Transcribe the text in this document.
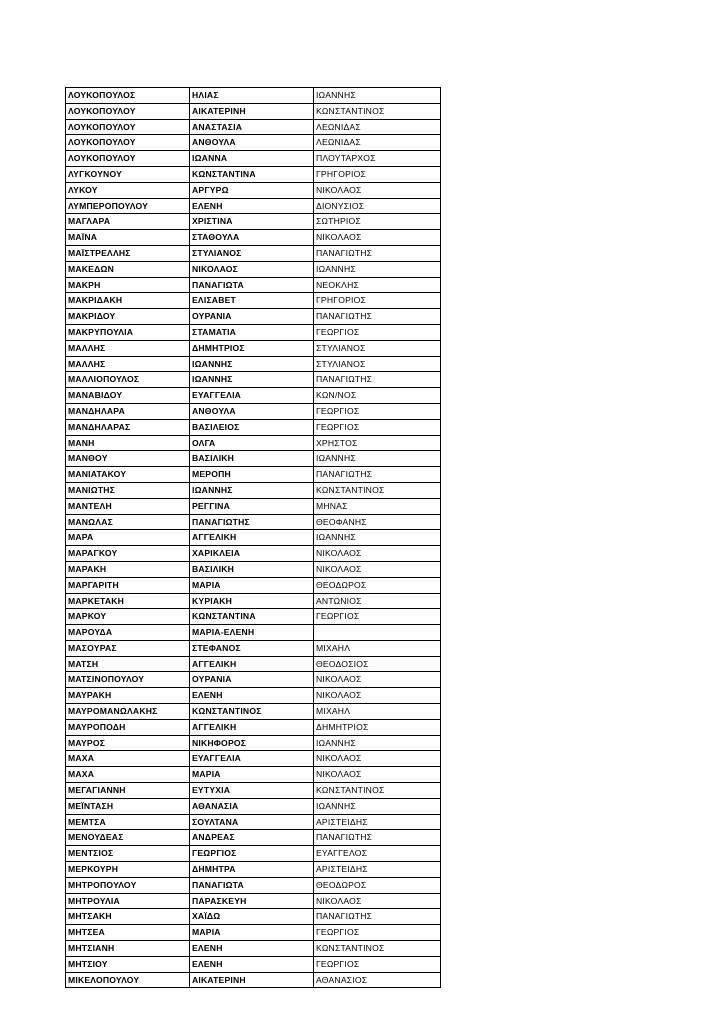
ΛΟΥΚΟΠΟΥΛΟΣ	ΗΛΙΑΣ	ΙΩΑΝΝΗΣ
ΛΟΥΚΟΠΟΥΛΟΥ	ΑΙΚΑΤΕΡΙΝΗ	ΚΩΝΣΤΑΝΤΙΝΟΣ
ΛΟΥΚΟΠΟΥΛΟΥ	ΑΝΑΣΤΑΣΙΑ	ΛΕΩΝΙΔΑΣ
ΛΟΥΚΟΠΟΥΛΟΥ	ΑΝΘΟΥΛΑ	ΛΕΩΝΙΔΑΣ
ΛΟΥΚΟΠΟΥΛΟΥ	ΙΩΑΝΝΑ	ΠΛΟΥΤΑΡΧΟΣ
ΛΥΓΚΟΥΝΟΥ	ΚΩΝΣΤΑΝΤΙΝΑ	ΓΡΗΓΟΡΙΟΣ
ΛΥΚΟΥ	ΑΡΓΥΡΩ	ΝΙΚΟΛΑΟΣ
ΛΥΜΠΕΡΟΠΟΥΛΟΥ	ΕΛΕΝΗ	ΔΙΟΝΥΣΙΟΣ
ΜΑΓΛΑΡΑ	ΧΡΙΣΤΙΝΑ	ΣΩΤΗΡΙΟΣ
ΜΑΪΝΑ	ΣΤΑΘΟΥΛΑ	ΝΙΚΟΛΑΟΣ
ΜΑΪΣΤΡΕΛΛΗΣ	ΣΤΥΛΙΑΝΟΣ	ΠΑΝΑΓΙΩΤΗΣ
ΜΑΚΕΔΩΝ	ΝΙΚΟΛΑΟΣ	ΙΩΑΝΝΗΣ
ΜΑΚΡΗ	ΠΑΝΑΓΙΩΤΑ	ΝΕΟΚΛΗΣ
ΜΑΚΡΙΔΑΚΗ	ΕΛΙΣΑΒΕΤ	ΓΡΗΓΟΡΙΟΣ
ΜΑΚΡΙΔΟΥ	ΟΥΡΑΝΙΑ	ΠΑΝΑΓΙΩΤΗΣ
ΜΑΚΡΥΠΟΥΛΙΑ	ΣΤΑΜΑΤΙΑ	ΓΕΩΡΓΙΟΣ
ΜΑΛΛΗΣ	ΔΗΜΗΤΡΙΟΣ	ΣΤΥΛΙΑΝΟΣ
ΜΑΛΛΗΣ	ΙΩΑΝΝΗΣ	ΣΤΥΛΙΑΝΟΣ
ΜΑΛΛΙΟΠΟΥΛΟΣ	ΙΩΑΝΝΗΣ	ΠΑΝΑΓΙΩΤΗΣ
ΜΑΝΑΒΙΔΟΥ	ΕΥΑΓΓΕΛΙΑ	ΚΩΝ/ΝΟΣ
ΜΑΝΔΗΛΑΡΑ	ΑΝΘΟΥΛΑ	ΓΕΩΡΓΙΟΣ
ΜΑΝΔΗΛΑΡΑΣ	ΒΑΣΙΛΕΙΟΣ	ΓΕΩΡΓΙΟΣ
ΜΑΝΗ	ΟΛΓΑ	ΧΡΗΣΤΟΣ
ΜΑΝΘΟΥ	ΒΑΣΙΛΙΚΗ	ΙΩΑΝΝΗΣ
ΜΑΝΙΑΤΑΚΟΥ	ΜΕΡΟΠΗ	ΠΑΝΑΓΙΩΤΗΣ
ΜΑΝΙΩΤΗΣ	ΙΩΑΝΝΗΣ	ΚΩΝΣΤΑΝΤΙΝΟΣ
ΜΑΝΤΕΛΗ	ΡΕΓΓΙΝΑ	ΜΗΝΑΣ
ΜΑΝΩΛΑΣ	ΠΑΝΑΓΙΩΤΗΣ	ΘΕΟΦΑΝΗΣ
ΜΑΡΑ	ΑΓΓΕΛΙΚΗ	ΙΩΑΝΝΗΣ
ΜΑΡΑΓΚΟΥ	ΧΑΡΙΚΛΕΙΑ	ΝΙΚΟΛΑΟΣ
ΜΑΡΑΚΗ	ΒΑΣΙΛΙΚΗ	ΝΙΚΟΛΑΟΣ
ΜΑΡΓΑΡΙΤΗ	ΜΑΡΙΑ	ΘΕΟΔΩΡΟΣ
ΜΑΡΚΕΤΑΚΗ	ΚΥΡΙΑΚΗ	ΑΝΤΩΝΙΟΣ
ΜΑΡΚΟΥ	ΚΩΝΣΤΑΝΤΙΝΑ	ΓΕΩΡΓΙΟΣ
ΜΑΡΟΥΔΑ	ΜΑΡΙΑ-ΕΛΕΝΗ	
ΜΑΣΟΥΡΑΣ	ΣΤΕΦΑΝΟΣ	ΜΙΧΑΗΛ
ΜΑΤΣΗ	ΑΓΓΕΛΙΚΗ	ΘΕΟΔΟΣΙΟΣ
ΜΑΤΣΙΝΟΠΟΥΛΟΥ	ΟΥΡΑΝΙΑ	ΝΙΚΟΛΑΟΣ
ΜΑΥΡΑΚΗ	ΕΛΕΝΗ	ΝΙΚΟΛΑΟΣ
ΜΑΥΡΟΜΑΝΩΛΑΚΗΣ	ΚΩΝΣΤΑΝΤΙΝΟΣ	ΜΙΧΑΗΛ
ΜΑΥΡΟΠΟΔΗ	ΑΓΓΕΛΙΚΗ	ΔΗΜΗΤΡΙΟΣ
ΜΑΥΡΟΣ	ΝΙΚΗΦΟΡΟΣ	ΙΩΑΝΝΗΣ
ΜΑΧΑ	ΕΥΑΓΓΕΛΙΑ	ΝΙΚΟΛΑΟΣ
ΜΑΧΑ	ΜΑΡΙΑ	ΝΙΚΟΛΑΟΣ
ΜΕΓΑΓΙΑΝΝΗ	ΕΥΤΥΧΙΑ	ΚΩΝΣΤΑΝΤΙΝΟΣ
ΜΕΪΝΤΑΣΗ	ΑΘΑΝΑΣΙΑ	ΙΩΑΝΝΗΣ
ΜΕΜΤΣΑ	ΣΟΥΛΤΑΝΑ	ΑΡΙΣΤΕΙΔΗΣ
ΜΕΝΟΥΔΕΑΣ	ΑΝΔΡΕΑΣ	ΠΑΝΑΓΙΩΤΗΣ
ΜΕΝΤΣΙΟΣ	ΓΕΩΡΓΙΟΣ	ΕΥΑΓΓΕΛΟΣ
ΜΕΡΚΟΥΡΗ	ΔΗΜΗΤΡΑ	ΑΡΙΣΤΕΙΔΗΣ
ΜΗΤΡΟΠΟΥΛΟΥ	ΠΑΝΑΓΙΩΤΑ	ΘΕΟΔΩΡΟΣ
ΜΗΤΡΟΥΛΙΑ	ΠΑΡΑΣΚΕΥΗ	ΝΙΚΟΛΑΟΣ
ΜΗΤΣΑΚΗ	ΧΑΪΔΩ	ΠΑΝΑΓΙΩΤΗΣ
ΜΗΤΣΕΑ	ΜΑΡΙΑ	ΓΕΩΡΓΙΟΣ
ΜΗΤΣΙΑΝΗ	ΕΛΕΝΗ	ΚΩΝΣΤΑΝΤΙΝΟΣ
ΜΗΤΣΙΟΥ	ΕΛΕΝΗ	ΓΕΩΡΓΙΟΣ
ΜΙΚΕΛΟΠΟΥΛΟΥ	ΑΙΚΑΤΕΡΙΝΗ	ΑΘΑΝΑΣΙΟΣ
